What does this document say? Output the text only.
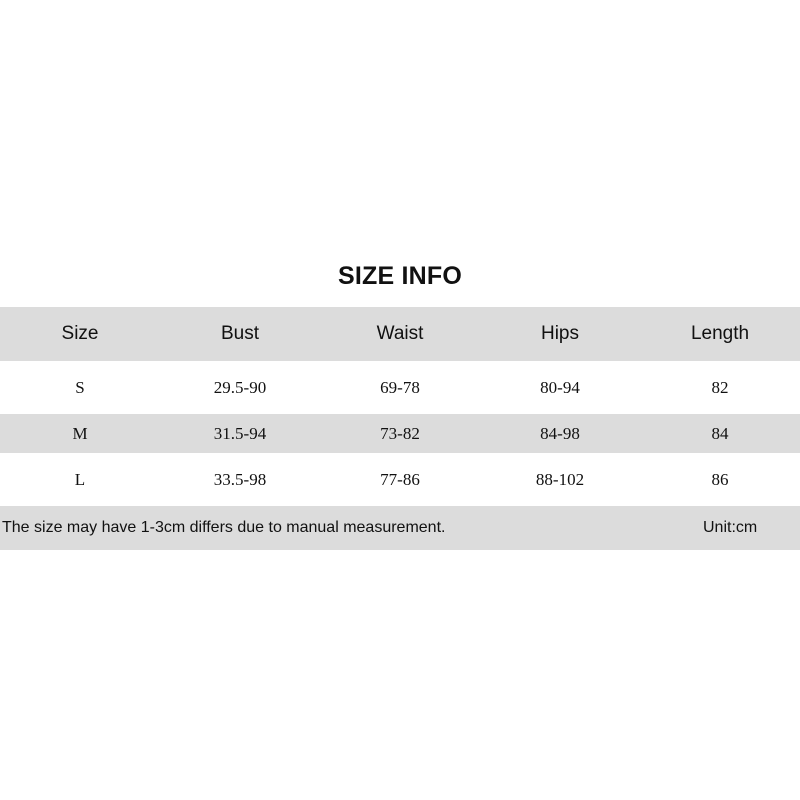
SIZE INFO
Size	Bust	Waist	Hips	Length
S	29.5-90	69-78	80-94	82
M	31.5-94	73-82	84-98	84
L	33.5-98	77-86	88-102	86
The size may have 1-3cm differs due to manual measurement.	Unit:cm
